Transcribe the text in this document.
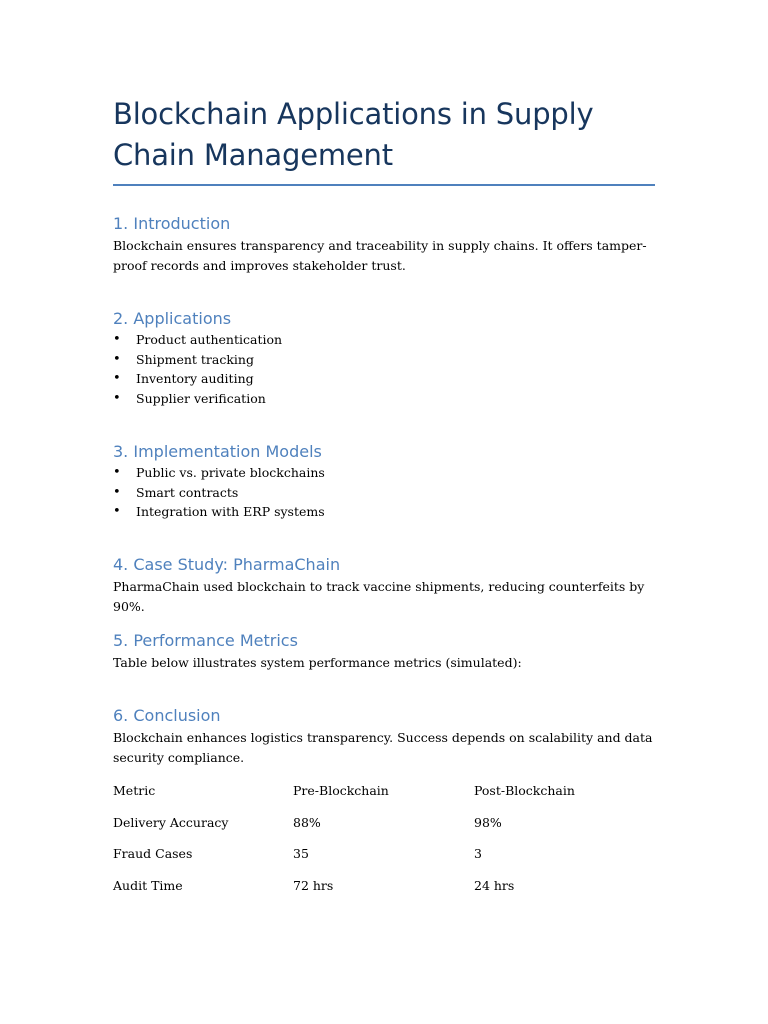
Blockchain Applications in Supply Chain Management
1. Introduction

Blockchain ensures transparency and traceability in supply chains. It offers tamper-proof records and improves stakeholder trust.

2. Applications
• Product authentication
• Shipment tracking
• Inventory auditing
• Supplier verification
3. Implementation Models
• Public vs. private blockchains
• Smart contracts
• Integration with ERP systems
4. Case Study: PharmaChain

PharmaChain used blockchain to track vaccine shipments, reducing counterfeits by 90%.

5. Performance Metrics

Table below illustrates system performance metrics (simulated):

6. Conclusion

Blockchain enhances logistics transparency. Success depends on scalability and data security compliance.

Metric	Pre-Blockchain	Post-Blockchain
Delivery Accuracy	88%	98%
Fraud Cases	35	3
Audit Time	72 hrs	24 hrs
